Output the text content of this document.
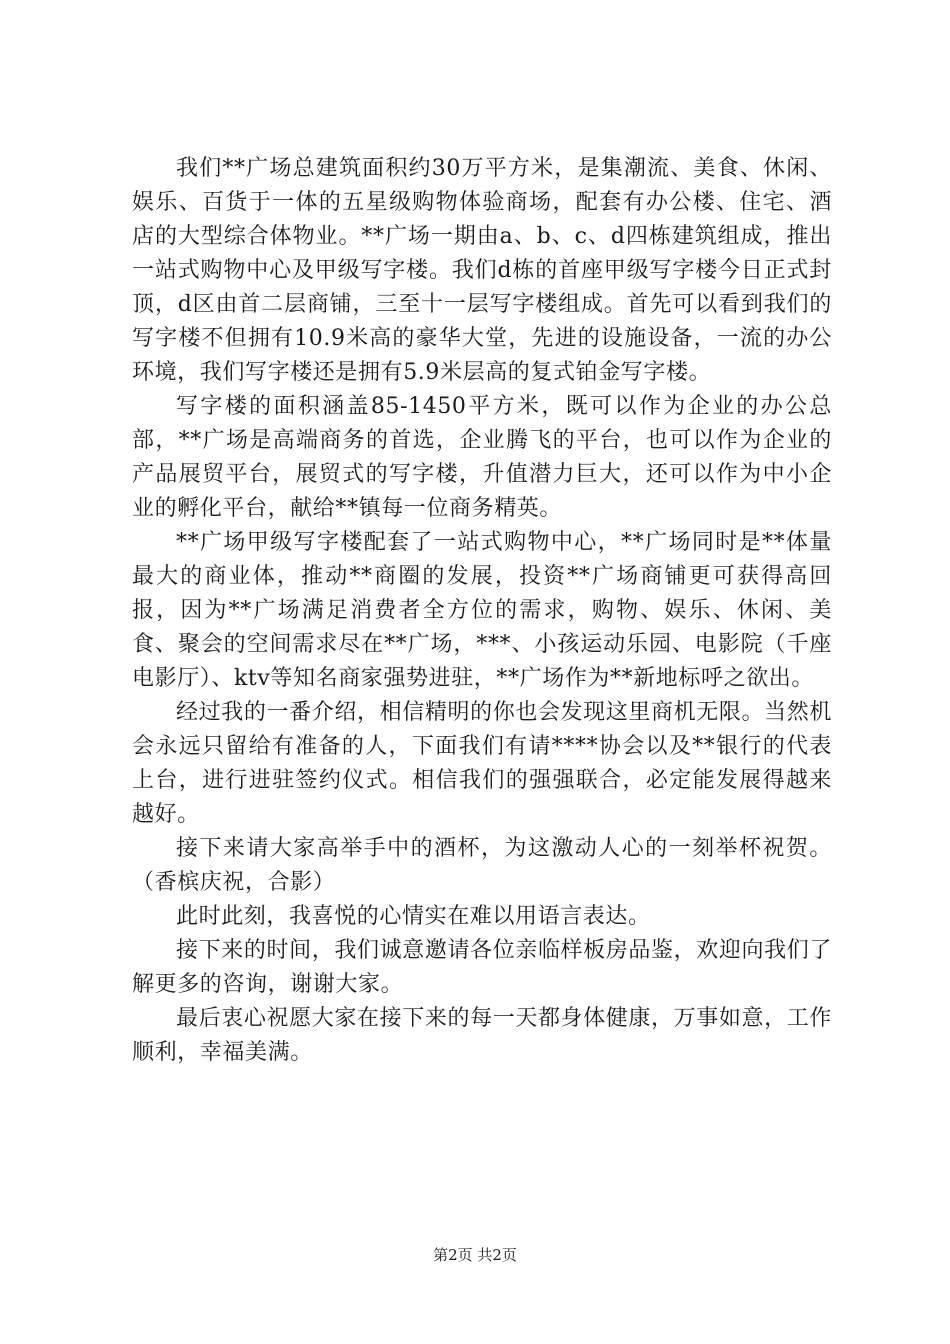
我们**广场总建筑面积约30万平方米，是集潮流、美食、休闲、娱乐、百货于一体的五星级购物体验商场，配套有办公楼、住宅、酒店的大型综合体物业。**广场一期由a、b、c、d四栋建筑组成，推出一站式购物中心及甲级写字楼。我们d栋的首座甲级写字楼今日正式封顶，d区由首二层商铺，三至十一层写字楼组成。首先可以看到我们的写字楼不但拥有10.9米高的豪华大堂，先进的设施设备，一流的办公环境，我们写字楼还是拥有5.9米层高的复式铂金写字楼。

写字楼的面积涵盖85-1450平方米，既可以作为企业的办公总部，**广场是高端商务的首选，企业腾飞的平台，也可以作为企业的产品展贸平台，展贸式的写字楼，升值潜力巨大，还可以作为中小企业的孵化平台，献给**镇每一位商务精英。

**广场甲级写字楼配套了一站式购物中心，**广场同时是**体量最大的商业体，推动**商圈的发展，投资**广场商铺更可获得高回报，因为**广场满足消费者全方位的需求，购物、娱乐、休闲、美食、聚会的空间需求尽在**广场，***、小孩运动乐园、电影院（千座电影厅）、ktv等知名商家强势进驻，**广场作为**新地标呼之欲出。

经过我的一番介绍，相信精明的你也会发现这里商机无限。当然机会永远只留给有准备的人，下面我们有请****协会以及**银行的代表上台，进行进驻签约仪式。相信我们的强强联合，必定能发展得越来越好。

接下来请大家高举手中的酒杯，为这激动人心的一刻举杯祝贺。（香槟庆祝，合影）

此时此刻，我喜悦的心情实在难以用语言表达。

接下来的时间，我们诚意邀请各位亲临样板房品鉴，欢迎向我们了解更多的咨询，谢谢大家。

最后衷心祝愿大家在接下来的每一天都身体健康，万事如意，工作顺利，幸福美满。

第2页 共2页
